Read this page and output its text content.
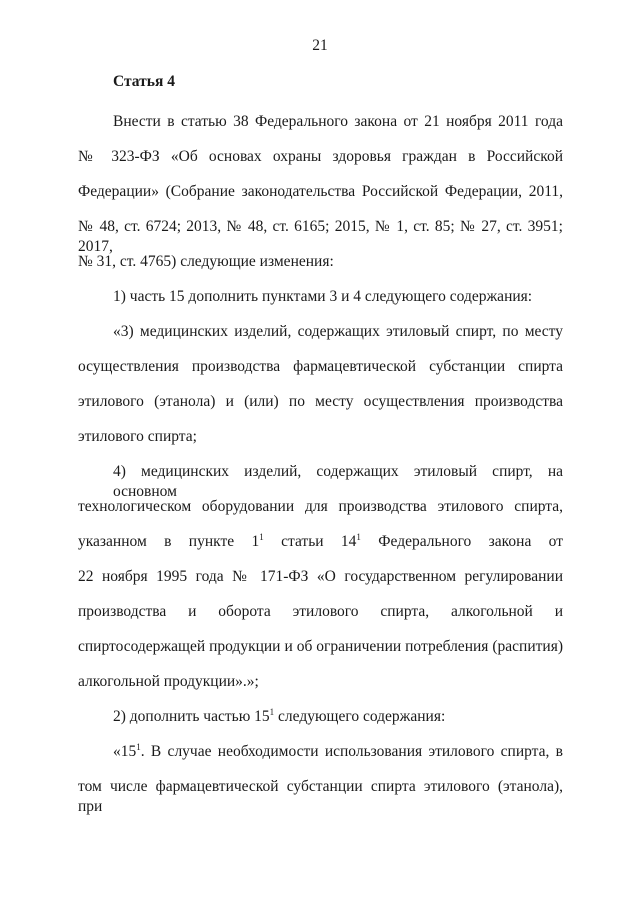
21
Статья 4
Внести в статью 38 Федерального закона от 21 ноября 2011 года
№ 323-ФЗ «Об основах охраны здоровья граждан в Российской
Федерации» (Собрание законодательства Российской Федерации, 2011,
№ 48, ст. 6724; 2013, № 48, ст. 6165; 2015, № 1, ст. 85; № 27, ст. 3951; 2017,
№ 31, ст. 4765) следующие изменения:
1) часть 15 дополнить пунктами 3 и 4 следующего содержания:
«3) медицинских изделий, содержащих этиловый спирт, по месту
осуществления производства фармацевтической субстанции спирта
этилового (этанола) и (или) по месту осуществления производства
этилового спирта;
4) медицинских изделий, содержащих этиловый спирт, на основном
технологическом оборудовании для производства этилового спирта,
указанном в пункте $1^1$ статьи $14^1$ Федерального закона от
22 ноября 1995 года № 171-ФЗ «О государственном регулировании
производства и оборота этилового спирта, алкогольной и
спиртосодержащей продукции и об ограничении потребления (распития)
алкогольной продукции».»;
2) дополнить частью $15^1$ следующего содержания:
«$15^1$. В случае необходимости использования этилового спирта, в
том числе фармацевтической субстанции спирта этилового (этанола), при
